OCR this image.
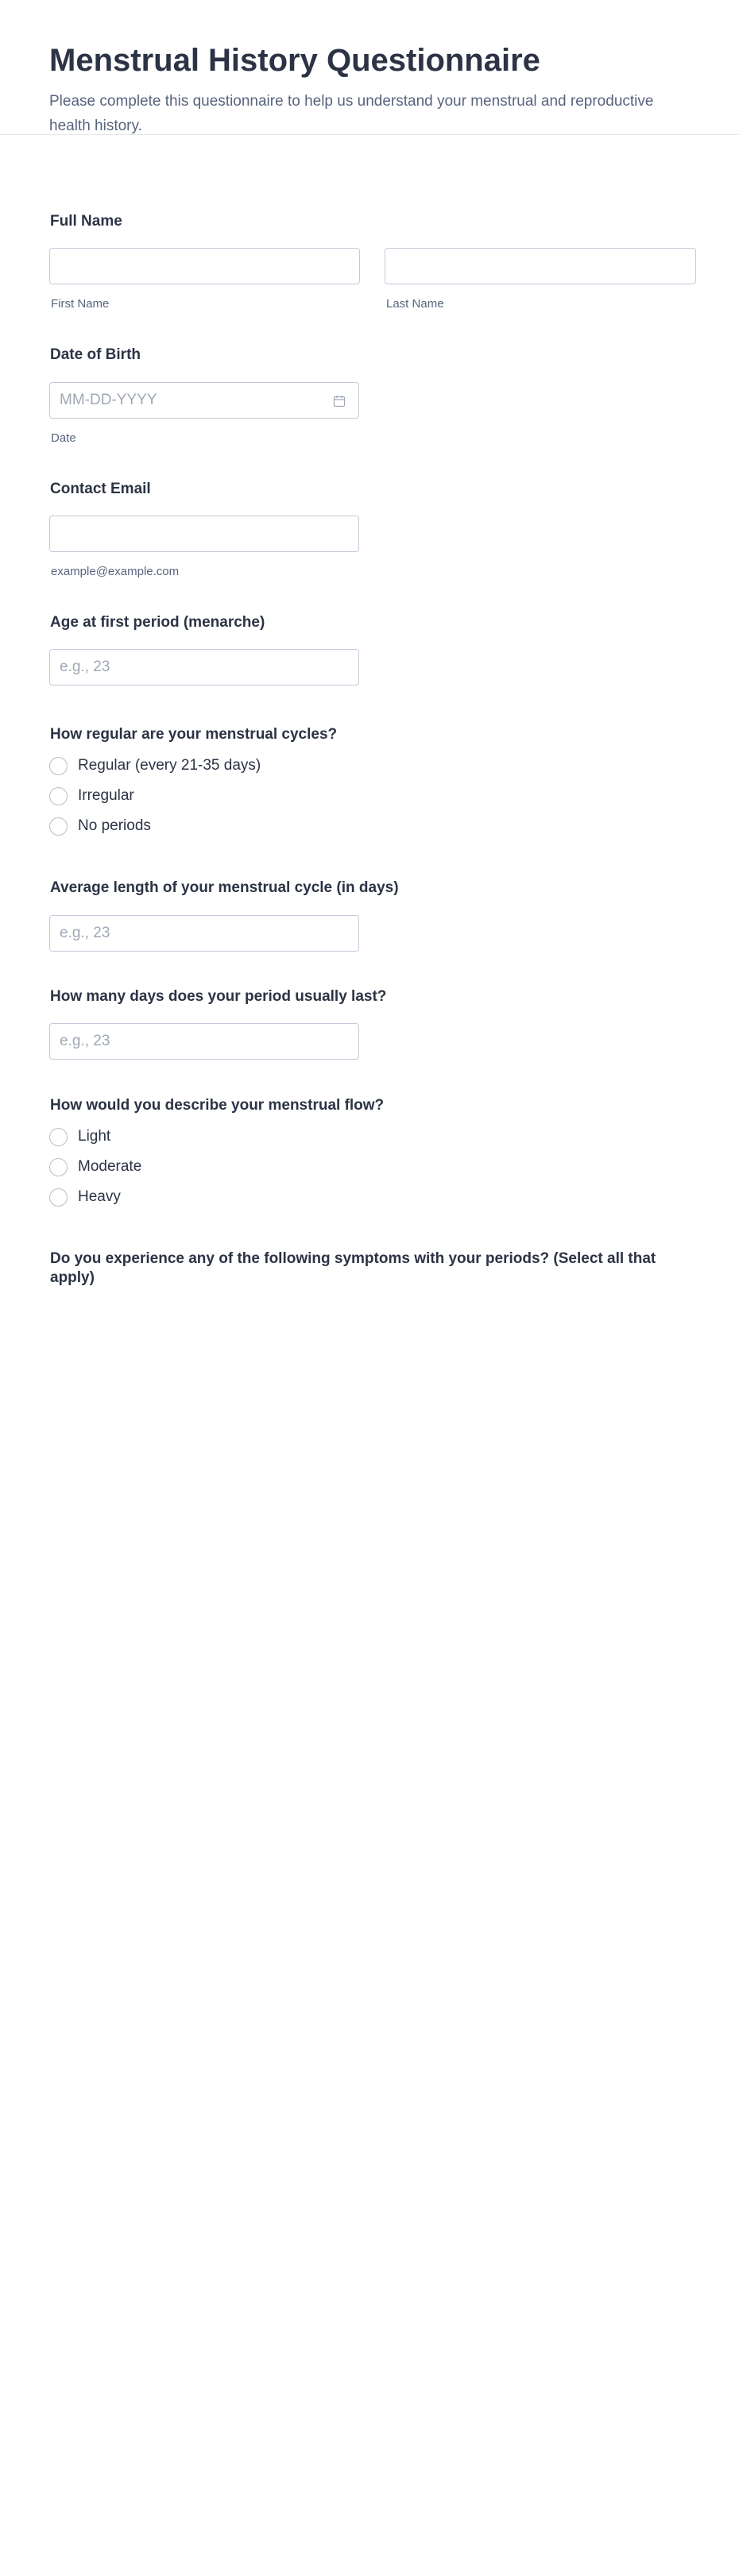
Menstrual History Questionnaire
Please complete this questionnaire to help us understand your menstrual and reproductive health history.

Full Name

First Name	Last Name

Date of Birth

MM-DD-YYYY
Date

Contact Email

example@example.com

Age at first period (menarche)

e.g., 23

How regular are your menstrual cycles?

Regular (every 21-35 days)
Irregular
No periods

Average length of your menstrual cycle (in days)

e.g., 23

How many days does your period usually last?

e.g., 23

How would you describe your menstrual flow?

Light
Moderate
Heavy

Do you experience any of the following symptoms with your periods? (Select all that apply)
